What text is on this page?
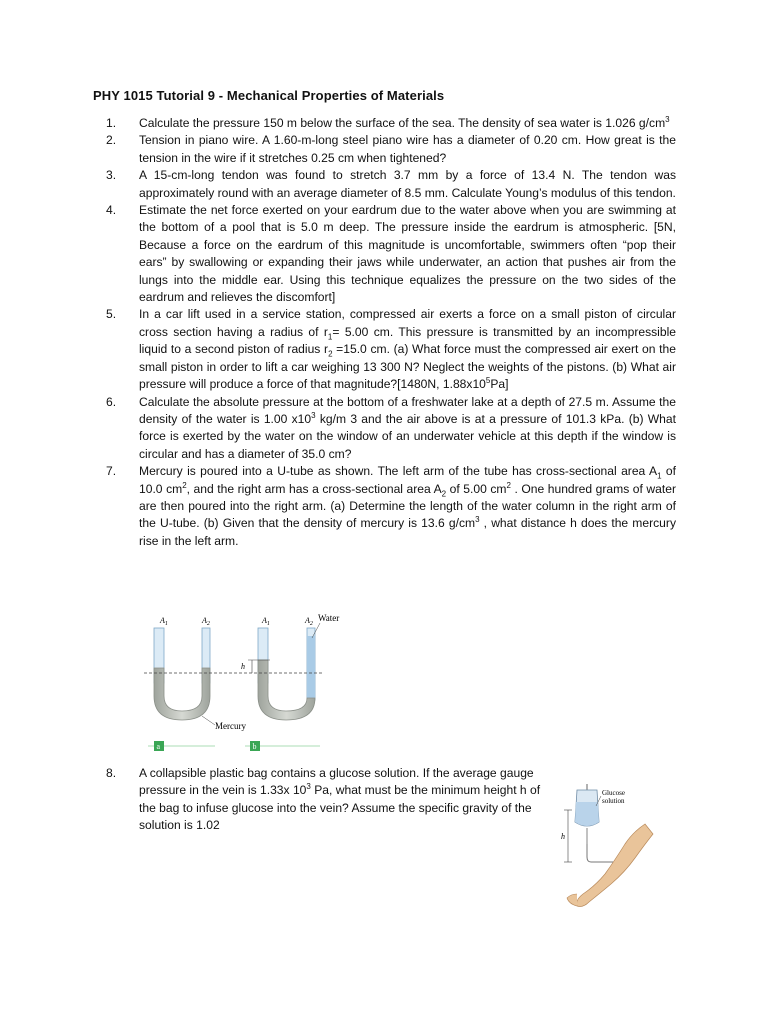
PHY 1015 Tutorial 9 - Mechanical Properties of Materials
1.	Calculate the pressure 150 m below the surface of the sea. The density of sea water is 1.026 $g/cm^3$
2.	Tension in piano wire. A 1.60-m-long steel piano wire has a diameter of 0.20 cm. How great is the tension in the wire if it stretches 0.25 cm when tightened?
3.	A 15-cm-long tendon was found to stretch 3.7 mm by a force of 13.4 N. The tendon was approximately round with an average diameter of 8.5 mm. Calculate Young’s modulus of this tendon.
4.	Estimate the net force exerted on your eardrum due to the water above when you are swimming at the bottom of a pool that is 5.0 m deep. The pressure inside the eardrum is atmospheric. [5N, Because a force on the eardrum of this magnitude is uncomfortable, swimmers often “pop their ears” by swallowing or expanding their jaws while underwater, an action that pushes air from the lungs into the middle ear. Using this technique equalizes the pressure on the two sides of the eardrum and relieves the discomfort]
5.	In a car lift used in a service station, compressed air exerts a force on a small piston of circular cross section having a radius of $r_1= 5.00$ cm. This pressure is transmitted by an incompressible liquid to a second piston of radius $r_2 =15.0$ cm. (a) What force must the compressed air exert on the small piston in order to lift a car weighing 13 300 N? Neglect the weights of the pistons. (b) What air pressure will produce a force of that magnitude?[1480N, $1.88x10^5Pa$]
6.	Calculate the absolute pressure at the bottom of a freshwater lake at a depth of 27.5 m. Assume the density of the water is 1.00 $x10^3$ kg/m 3 and the air above is at a pressure of 101.3 kPa. (b) What force is exerted by the water on the window of an underwater vehicle at this depth if the window is circular and has a diameter of 35.0 cm?
7.	Mercury is poured into a U-tube as shown. The left arm of the tube has cross-sectional area $A_1$ of 10.0 $cm^2$, and the right arm has a cross-sectional area $A_2$ of 5.00 $cm^2$ . One hundred grams of water are then poured into the right arm. (a) Determine the length of the water column in the right arm of the U-tube. (b) Given that the density of mercury is 13.6 $g/cm^3$ , what distance h does the mercury rise in the left arm.
$A_1$	$A_2$	$A_1$	$A_2$
Water
h
Mercury
a	b
8.	A collapsible plastic bag contains a glucose solution. If the average gauge pressure in the vein is 1.33x $10^3$ Pa, what must be the minimum height h of the bag to infuse glucose into the vein? Assume the specific gravity of the solution is 1.02
h
Glucose
solution
